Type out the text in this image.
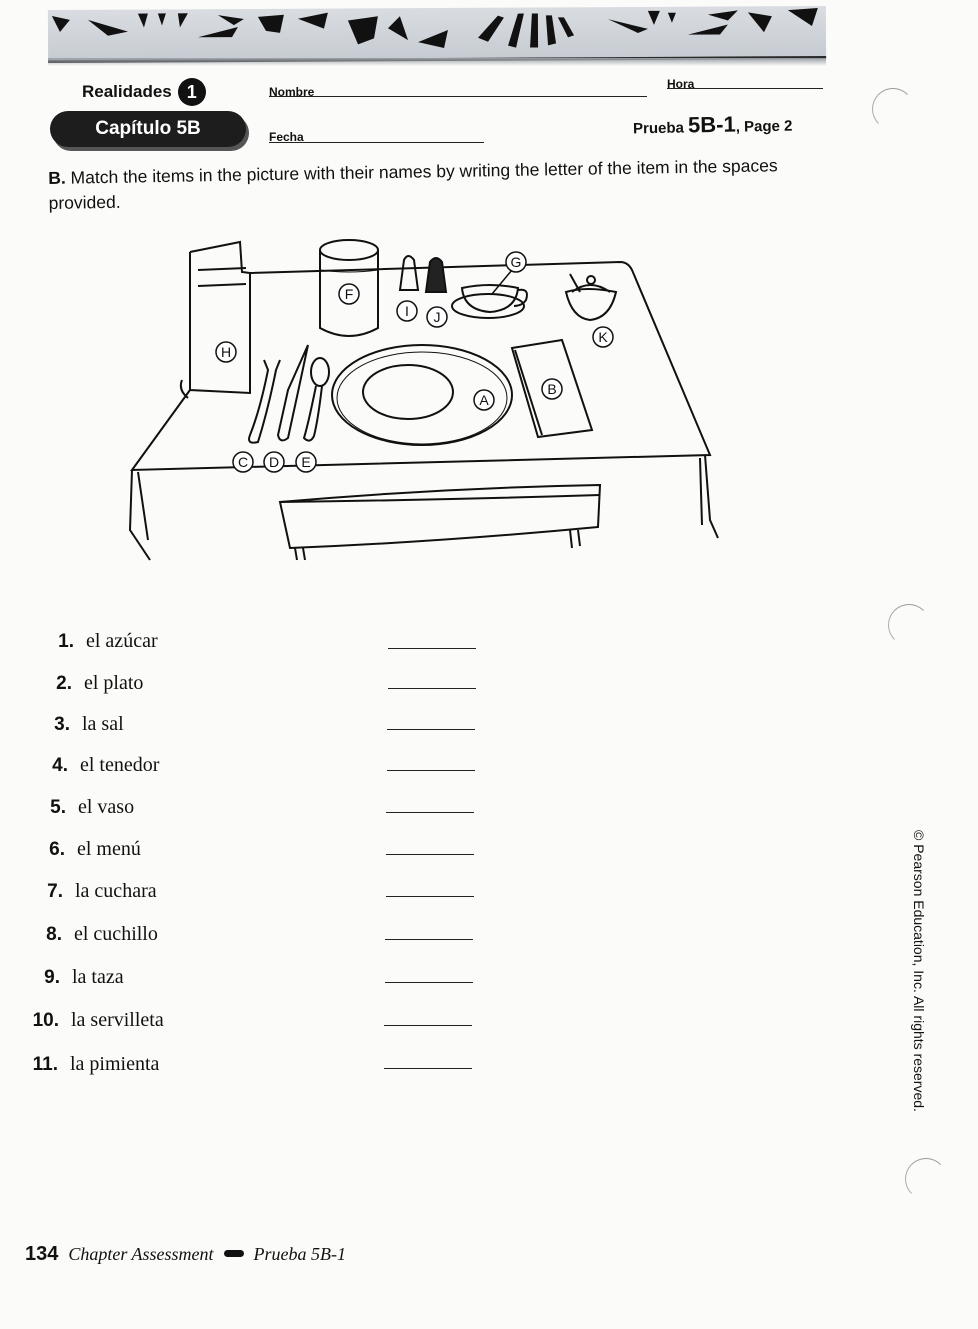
Realidades 1
Capítulo 5B
Nombre
Hora
Fecha	Prueba 5B-1, Page 2
B. Match the items in the picture with their names by writing the letter of the item in the spaces provided.
A
B
C D E
F
G
H
I J
K
1. el azúcar
2. el plato
3. la sal
4. el tenedor
5. el vaso
6. el menú
7. la cuchara
8. el cuchillo
9. la taza
10. la servilleta
11. la pimienta	© Pearson Education, Inc. All rights reserved.
134 Chapter Assessment Prueba 5B-1
